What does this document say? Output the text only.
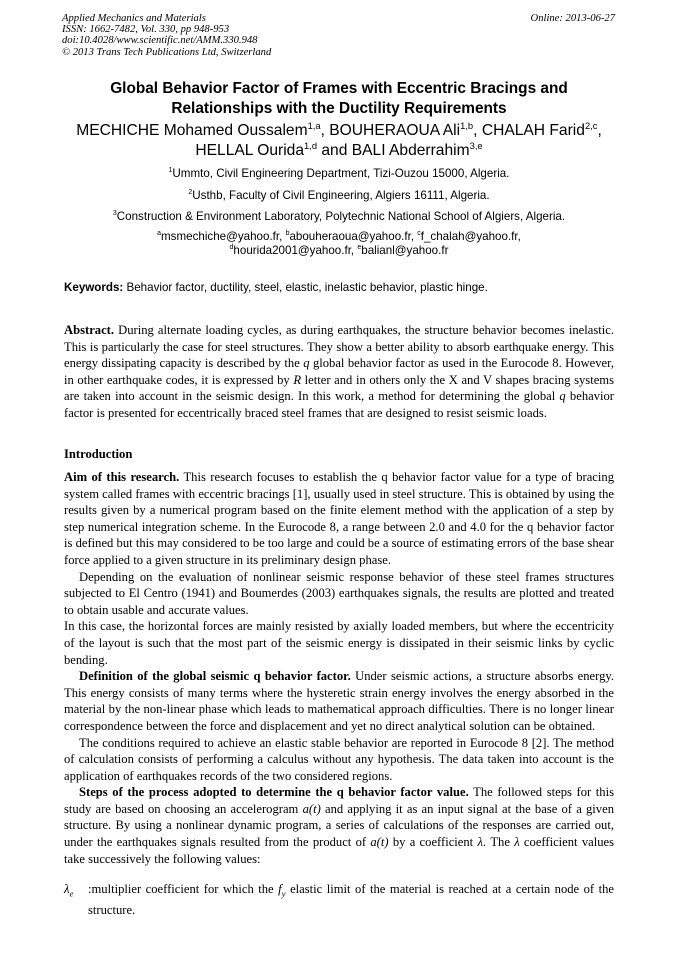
Applied Mechanics and Materials
ISSN: 1662-7482, Vol. 330, pp 948-953
doi:10.4028/www.scientific.net/AMM.330.948
© 2013 Trans Tech Publications Ltd, Switzerland
Online: 2013-06-27
Global Behavior Factor of Frames with Eccentric Bracings and
Relationships with the Ductility Requirements
MECHICHE Mohamed Oussalem$^{1,a}$, BOUHERAOUA Ali$^{1,b}$, CHALAH Farid$^{2,c}$,
HELLAL Ourida$^{1,d}$ and BALI Abderrahim$^{3,e}$
$^1$Ummto, Civil Engineering Department, Tizi-Ouzou 15000, Algeria.
$^2$Usthb, Faculty of Civil Engineering, Algiers 16111, Algeria.
$^3$Construction & Environment Laboratory, Polytechnic National School of Algiers, Algeria.
$^a$msmechiche@yahoo.fr, $^b$abouheraoua@yahoo.fr, $^c$f_chalah@yahoo.fr,
$^d$hourida2001@yahoo.fr, $^e$balianl@yahoo.fr
Keywords: Behavior factor, ductility, steel, elastic, inelastic behavior, plastic hinge.
Abstract. During alternate loading cycles, as during earthquakes, the structure behavior becomes inelastic. This is particularly the case for steel structures. They show a better ability to absorb earthquake energy. This energy dissipating capacity is described by the q global behavior factor as used in the Eurocode 8. However, in other earthquake codes, it is expressed by R letter and in others only the X and V shapes bracing systems are taken into account in the seismic design. In this work, a method for determining the global q behavior factor is presented for eccentrically braced steel frames that are designed to resist seismic loads.
Introduction
Aim of this research. This research focuses to establish the q behavior factor value for a type of bracing system called frames with eccentric bracings [1], usually used in steel structure. This is obtained by using the results given by a numerical program based on the finite element method with the application of a step by step numerical integration scheme. In the Eurocode 8, a range between 2.0 and 4.0 for the q behavior factor is defined but this may considered to be too large and could be a source of estimating errors of the base shear force applied to a given structure in its preliminary design phase.
Depending on the evaluation of nonlinear seismic response behavior of these steel frames structures subjected to El Centro (1941) and Boumerdes (2003) earthquakes signals, the results are plotted and treated to obtain usable and accurate values.
In this case, the horizontal forces are mainly resisted by axially loaded members, but where the eccentricity of the layout is such that the most part of the seismic energy is dissipated in their seismic links by cyclic bending.
Definition of the global seismic q behavior factor. Under seismic actions, a structure absorbs energy. This energy consists of many terms where the hysteretic strain energy involves the energy absorbed in the material by the non-linear phase which leads to mathematical approach difficulties. There is no longer linear correspondence between the force and displacement and yet no direct analytical solution can be obtained.
The conditions required to achieve an elastic stable behavior are reported in Eurocode 8 [2]. The method of calculation consists of performing a calculus without any hypothesis. The data taken into account is the application of earthquakes records of the two considered regions.
Steps of the process adopted to determine the q behavior factor value. The followed steps for this study are based on choosing an accelerogram a(t) and applying it as an input signal at the base of a given structure. By using a nonlinear dynamic program, a series of calculations of the responses are carried out, under the earthquakes signals resulted from the product of a(t) by a coefficient λ. The λ coefficient values take successively the following values:
$\lambda_e$ :multiplier coefficient for which the $f_y$ elastic limit of the material is reached at a certain node of the structure.
